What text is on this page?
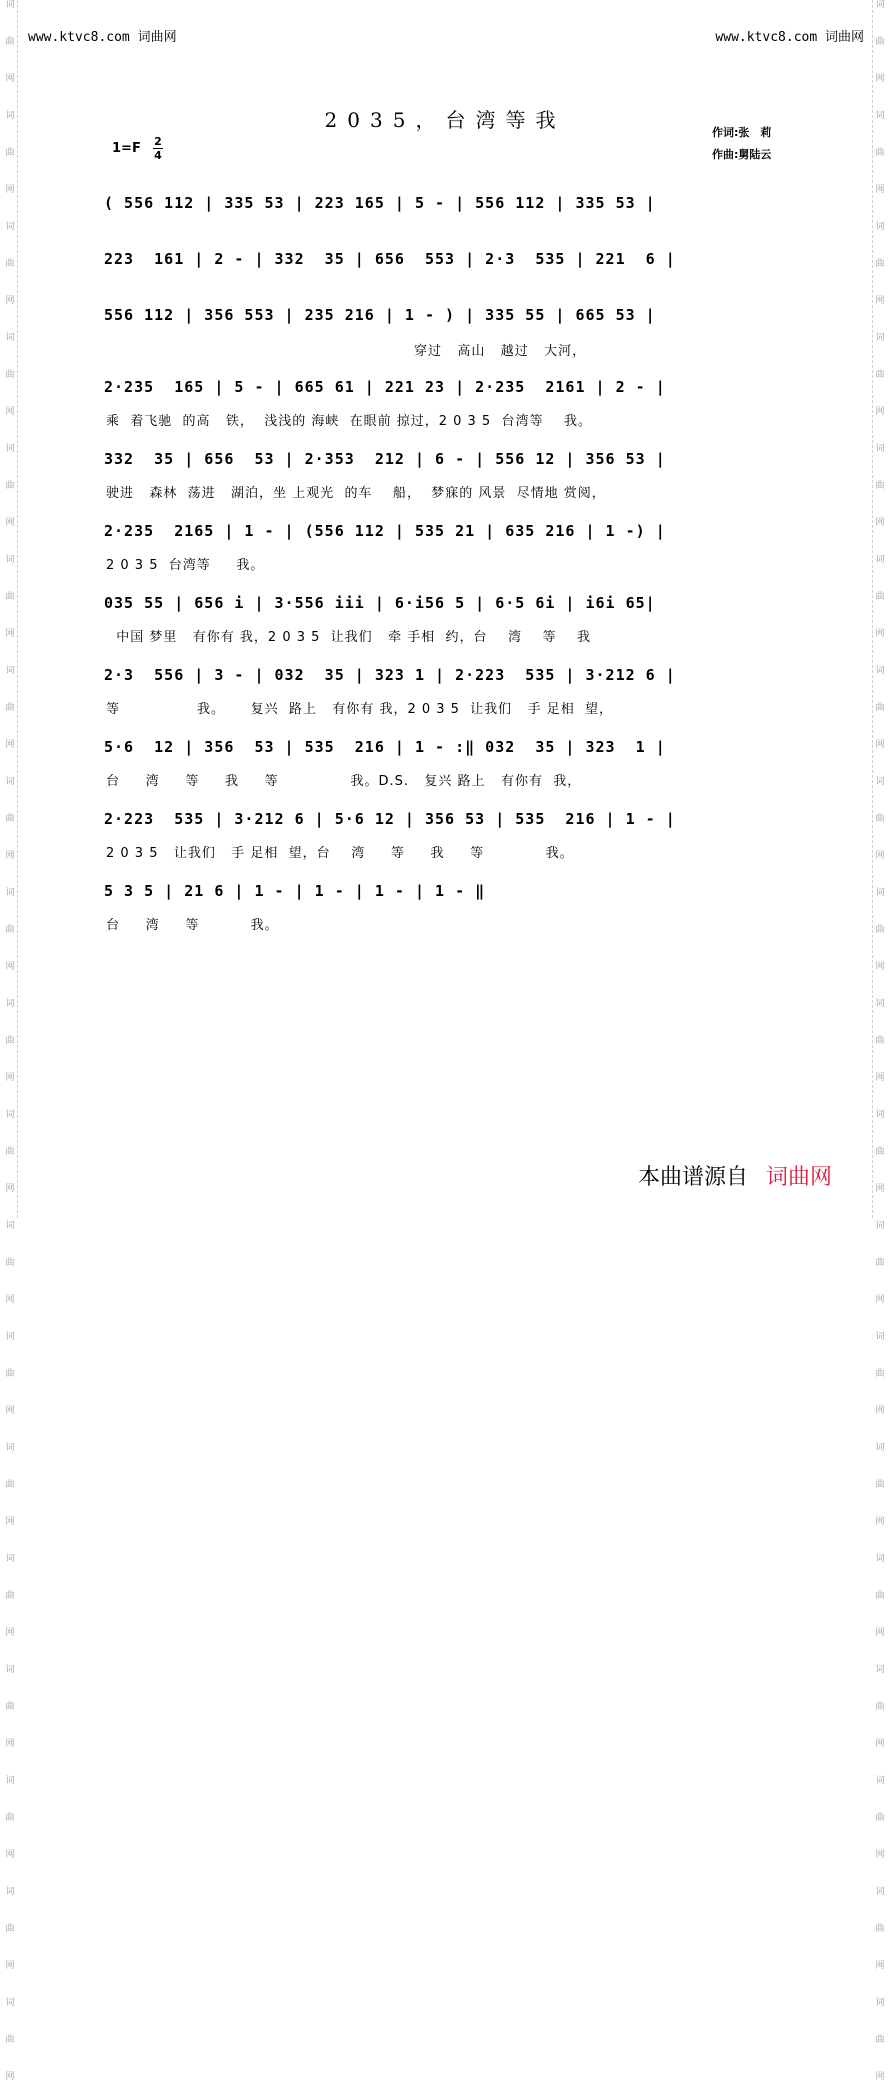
词
曲
网
词
曲
网
词
曲
网
词
曲
网
词
曲
网
词
曲
网
词
曲
网
词
曲
网
词
曲
网
词
曲
网
词
曲
网
词
曲
网
词
曲
网
词
曲
网
词
曲
网
词
曲
网
词
曲
网
词
曲
网
词
曲
网
词
曲
网
词
曲
网
词
曲
网
词
曲
网
词
曲
网
词
曲
网
词
曲
网
词
曲
网
词
曲
网
词
曲
网
词
曲
网
词
曲
网
词
曲
网
词
曲
网
词
曲
网
词
曲
网
词
曲
网
词
曲
网
词
曲
网
www.ktvc8.com 词曲网	www.ktvc8.com 词曲网
2035，台湾等我
1=F 2
4
作词:张　莉
作曲:舅陆云
( 556 112 | 335 53 | 223 165 | 5 - | 556 112 | 335 53 |
223  161 | 2 - | 332  35 | 656  553 | 2·3  535 | 221  6 |
556 112 | 356 553 | 235 216 | 1 - ) | 335 55 | 665 53 |
穿过   高山   越过   大河，
2·235  165 | 5 - | 665 61 | 221 23 | 2·235  2161 | 2 - |
乘  着飞驰  的高   铁，  浅浅的 海峡  在眼前 掠过，2 0 3 5  台湾等    我。
332  35 | 656  53 | 2·353  212 | 6 - | 556 12 | 356 53 |
驶进   森林  荡进   湖泊，坐 上观光  的车    船，  梦寐的 风景  尽情地 赏阅，
2·235  2165 | 1 - | (556 112 | 535 21 | 635 216 | 1 -) |
2 0 3 5  台湾等     我。
035 55 | 656 i | 3·556 iii | 6·i56 5 | 6·5 6i | i6i 65|
中国 梦里   有你有 我，2 0 3 5  让我们   牵 手相  约，台    湾    等    我
2·3  556 | 3 - | 032  35 | 323 1 | 2·223  535 | 3·212 6 |
等               我。     复兴  路上   有你有 我，2 0 3 5  让我们   手 足相  望，
5·6  12 | 356  53 | 535  216 | 1 - :‖ 032  35 | 323  1 |
台     湾     等     我     等              我。D.S.   复兴 路上   有你有  我，
2·223  535 | 3·212 6 | 5·6 12 | 356 53 | 535  216 | 1 - |
2 0 3 5   让我们   手 足相  望，台    湾     等     我     等            我。
5 3 5 | 21 6 | 1 - | 1 - | 1 - | 1 - ‖
台     湾     等          我。
本曲谱源自 词曲网
